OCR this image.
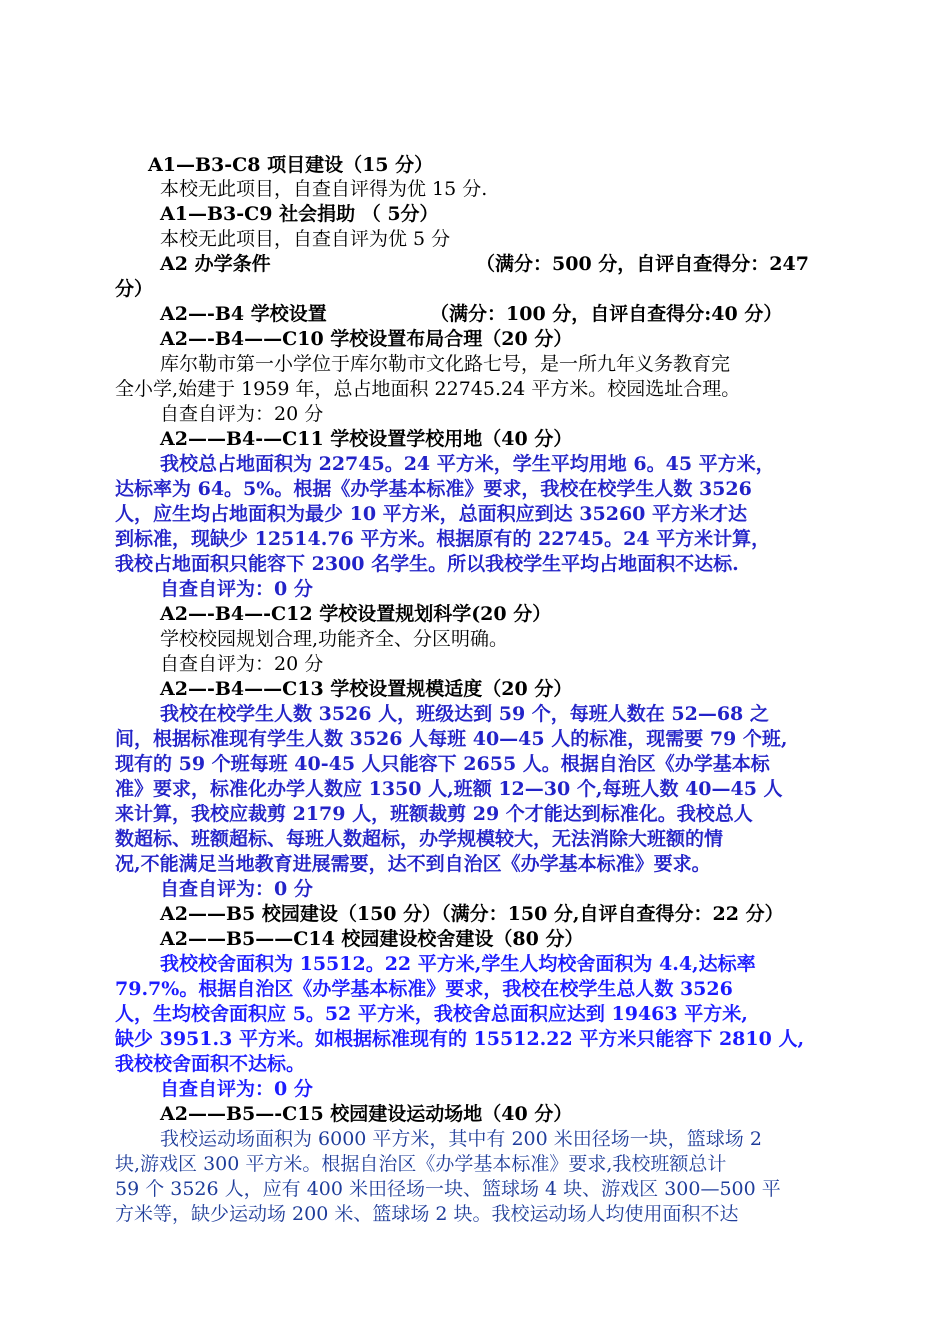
A1—B3-C8 项目建设（15 分）
本校无此项目，自查自评得为优 15 分.
A1—B3-C9 社会捐助 （ 5分）
本校无此项目，自查自评为优 5 分
A2 办学条件	（满分：500 分，自评自查得分：247
分）
A2—-B4 学校设置	（满分：100 分，自评自查得分:40 分）
A2—-B4——C10 学校设置布局合理（20 分）
库尔勒市第一小学位于库尔勒市文化路七号，是一所九年义务教育完
全小学,始建于 1959 年，总占地面积 22745.24 平方米。校园选址合理。
自查自评为：20 分
A2——B4-—C11 学校设置学校用地（40 分）
我校总占地面积为 22745。24 平方米，学生平均用地 6。45 平方米，
达标率为 64。5%。根据《办学基本标准》要求，我校在校学生人数 3526
人，应生均占地面积为最少 10 平方米，总面积应到达 35260 平方米才达
到标准，现缺少 12514.76 平方米。根据原有的 22745。24 平方米计算，
我校占地面积只能容下 2300 名学生。所以我校学生平均占地面积不达标.
自查自评为：0 分
A2—-B4—-C12 学校设置规划科学(20 分）
学校校园规划合理,功能齐全、分区明确。
自查自评为：20 分
A2—-B4——C13 学校设置规模适度（20 分）
我校在校学生人数 3526 人，班级达到 59 个，每班人数在 52—68 之
间，根据标准现有学生人数 3526 人每班 40—45 人的标准，现需要 79 个班,
现有的 59 个班每班 40-45 人只能容下 2655 人。根据自治区《办学基本标
准》要求，标准化办学人数应 1350 人,班额 12—30 个,每班人数 40—45 人
来计算，我校应裁剪 2179 人，班额裁剪 29 个才能达到标准化。我校总人
数超标、班额超标、每班人数超标，办学规模较大，无法消除大班额的情
况,不能满足当地教育进展需要，达不到自治区《办学基本标准》要求。
自查自评为：0 分
A2——B5 校园建设（150 分）（满分：150 分,自评自查得分：22 分）
A2——B5——C14 校园建设校舍建设（80 分）
我校校舍面积为 15512。22 平方米,学生人均校舍面积为 4.4,达标率
79.7%。根据自治区《办学基本标准》要求，我校在校学生总人数 3526
人，生均校舍面积应 5。52 平方米，我校舍总面积应达到 19463 平方米,
缺少 3951.3 平方米。如根据标准现有的 15512.22 平方米只能容下 2810 人,
我校校舍面积不达标。
自查自评为：0 分
A2——B5—-C15 校园建设运动场地（40 分）
我校运动场面积为 6000 平方米，其中有 200 米田径场一块，篮球场 2
块,游戏区 300 平方米。根据自治区《办学基本标准》要求,我校班额总计
59 个 3526 人，应有 400 米田径场一块、篮球场 4 块、游戏区 300—500 平
方米等，缺少运动场 200 米、篮球场 2 块。我校运动场人均使用面积不达
